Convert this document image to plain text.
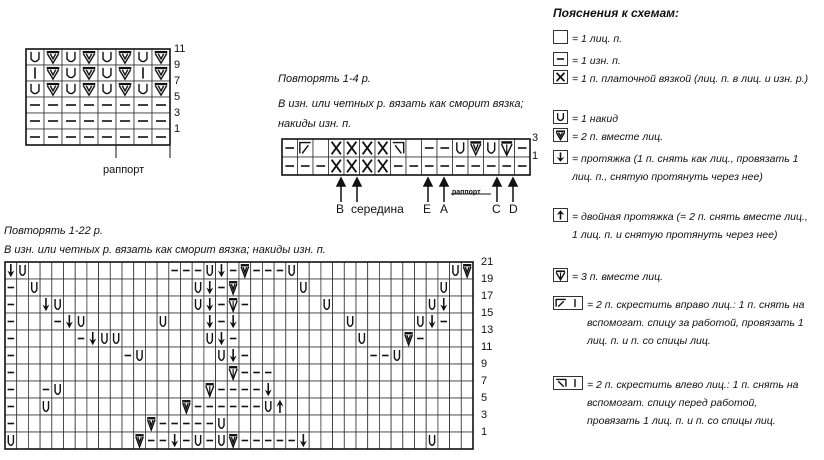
11
9
7
5
3
1
раппорт
Повторять 1-4 р.
В изн. или четных р. вязать как сморит вязка; накиды изн. п.
3
1
B середина E A
раппорт
C D
Повторять 1-22 р.
В изн. или четных р. вязать как сморит вязка; накиды изн. п.
21
19
17
15
13
11
9
7
5
3
1
Пояснения к схемам:
= 1 лиц. п.
= 1 изн. п.
= 1 п. платочной вязкой (лиц. п. в лиц. и изн. р.)
= 1 накид
= 2 п. вместе лиц.
= протяжка (1 п. снять как лиц., провязать 1 лиц. п., снятую протянуть через нее)
= двойная протяжка (= 2 п. снять вместе лиц., 1 лиц. п. и снятую протянуть через нее)
= 3 п. вместе лиц.
= 2 п. скрестить вправо лиц.: 1 п. снять на вспомогат. спицу за работой, провязать 1 лиц. п. и п. со спицы лиц.
= 2 п. скрестить влево лиц.: 1 п. снять на вспомогат. спицу перед работой, провязать 1 лиц. п. и п. со спицы лиц.
